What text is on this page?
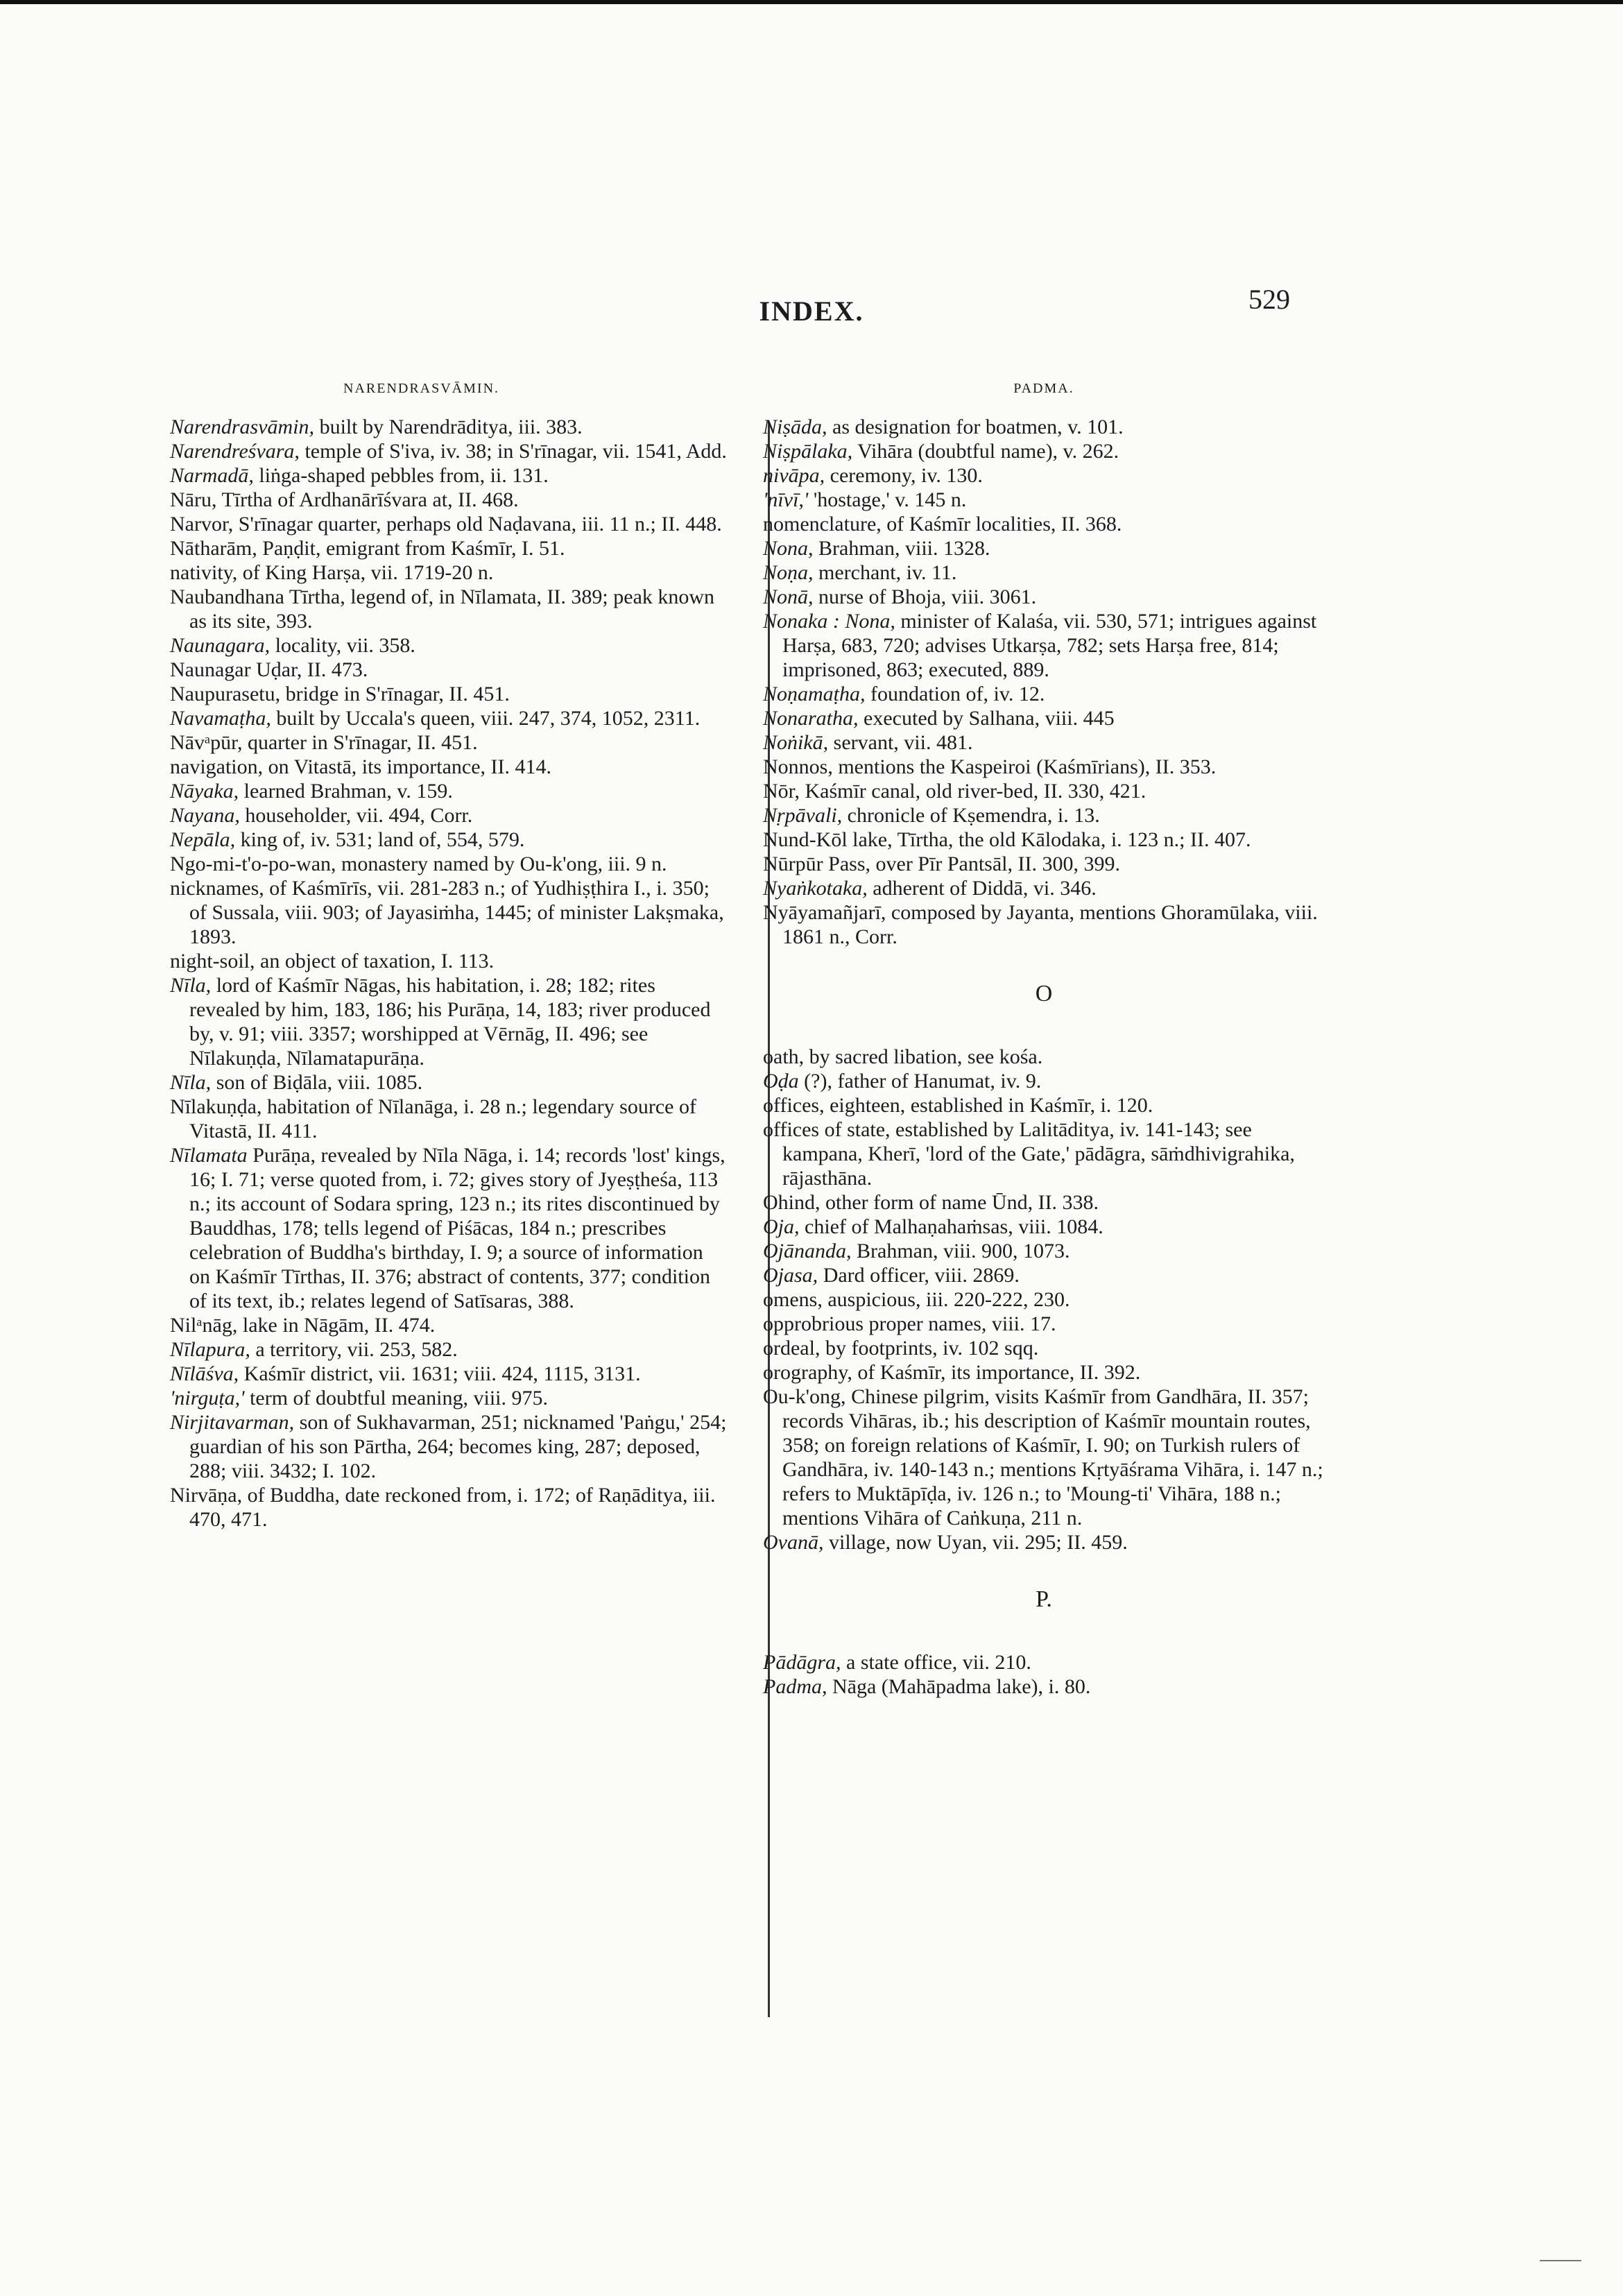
INDEX.	529
NARENDRASVĀMIN.
Narendrasvāmin, built by Narendrāditya, iii. 383.
Narendreśvara, temple of S'iva, iv. 38; in S'rīnagar, vii. 1541, Add.
Narmadā, liṅga-shaped pebbles from, ii. 131.
Nāru, Tīrtha of Ardhanārīśvara at, II. 468.
Narvor, S'rīnagar quarter, perhaps old Naḍavana, iii. 11 n.; II. 448.
Nātharām, Paṇḍit, emigrant from Kaśmīr, I. 51.
nativity, of King Harṣa, vii. 1719-20 n.
Naubandhana Tīrtha, legend of, in Nīlamata, II. 389; peak known as its site, 393.
Naunagara, locality, vii. 358.
Naunagar Uḍar, II. 473.
Naupurasetu, bridge in S'rīnagar, II. 451.
Navamaṭha, built by Uccala's queen, viii. 247, 374, 1052, 2311.
Nāvᵃpūr, quarter in S'rīnagar, II. 451.
navigation, on Vitastā, its importance, II. 414.
Nāyaka, learned Brahman, v. 159.
Nayana, householder, vii. 494, Corr.
Nepāla, king of, iv. 531; land of, 554, 579.
Ngo-mi-t'o-po-wan, monastery named by Ou-k'ong, iii. 9 n.
nicknames, of Kaśmīrīs, vii. 281-283 n.; of Yudhiṣṭhira I., i. 350; of Sussala, viii. 903; of Jayasiṁha, 1445; of minister Lakṣmaka, 1893.
night-soil, an object of taxation, I. 113.
Nīla, lord of Kaśmīr Nāgas, his habitation, i. 28; 182; rites revealed by him, 183, 186; his Purāṇa, 14, 183; river produced by, v. 91; viii. 3357; worshipped at Vērnāg, II. 496; see Nīlakuṇḍa, Nīlamatapurāṇa.
Nīla, son of Biḍāla, viii. 1085.
Nīlakuṇḍa, habitation of Nīlanāga, i. 28 n.; legendary source of Vitastā, II. 411.
Nīlamata Purāṇa, revealed by Nīla Nāga, i. 14; records 'lost' kings, 16; I. 71; verse quoted from, i. 72; gives story of Jyeṣṭheśa, 113 n.; its account of Sodara spring, 123 n.; its rites discontinued by Bauddhas, 178; tells legend of Piśācas, 184 n.; prescribes celebration of Buddha's birthday, I. 9; a source of information on Kaśmīr Tīrthas, II. 376; abstract of contents, 377; condition of its text, ib.; relates legend of Satīsaras, 388.
Nilᵃnāg, lake in Nāgām, II. 474.
Nīlapura, a territory, vii. 253, 582.
Nīlāśva, Kaśmīr district, vii. 1631; viii. 424, 1115, 3131.
'nirguṭa,' term of doubtful meaning, viii. 975.
Nirjitavarman, son of Sukhavarman, 251; nicknamed 'Paṅgu,' 254; guardian of his son Pārtha, 264; becomes king, 287; deposed, 288; viii. 3432; I. 102.
Nirvāṇa, of Buddha, date reckoned from, i. 172; of Raṇāditya, iii. 470, 471.
PADMA.
Niṣāda, as designation for boatmen, v. 101.
Niṣpālaka, Vihāra (doubtful name), v. 262.
nivāpa, ceremony, iv. 130.
'nīvī,' 'hostage,' v. 145 n.
nomenclature, of Kaśmīr localities, II. 368.
Nona, Brahman, viii. 1328.
Noṇa, merchant, iv. 11.
Nonā, nurse of Bhoja, viii. 3061.
Nonaka : Nona, minister of Kalaśa, vii. 530, 571; intrigues against Harṣa, 683, 720; advises Utkarṣa, 782; sets Harṣa free, 814; imprisoned, 863; executed, 889.
Noṇamaṭha, foundation of, iv. 12.
Nonaratha, executed by Salhana, viii. 445
Noṅikā, servant, vii. 481.
Nonnos, mentions the Kaspeiroi (Kaśmīrians), II. 353.
Nōr, Kaśmīr canal, old river-bed, II. 330, 421.
Nṛpāvali, chronicle of Kṣemendra, i. 13.
Nund-Kōl lake, Tīrtha, the old Kālodaka, i. 123 n.; II. 407.
Nūrpūr Pass, over Pīr Pantsāl, II. 300, 399.
Nyaṅkotaka, adherent of Diddā, vi. 346.
Nyāyamañjarī, composed by Jayanta, mentions Ghoramūlaka, viii. 1861 n., Corr.
O
oath, by sacred libation, see kośa.
Oḍa (?), father of Hanumat, iv. 9.
offices, eighteen, established in Kaśmīr, i. 120.
offices of state, established by Lalitāditya, iv. 141-143; see kampana, Kherī, 'lord of the Gate,' pādāgra, sāṁdhivigrahika, rājasthāna.
Ohind, other form of name Ūnd, II. 338.
Oja, chief of Malhaṇahaṁsas, viii. 1084.
Ojānanda, Brahman, viii. 900, 1073.
Ojasa, Dard officer, viii. 2869.
omens, auspicious, iii. 220-222, 230.
opprobrious proper names, viii. 17.
ordeal, by footprints, iv. 102 sqq.
orography, of Kaśmīr, its importance, II. 392.
Ou-k'ong, Chinese pilgrim, visits Kaśmīr from Gandhāra, II. 357; records Vihāras, ib.; his description of Kaśmīr mountain routes, 358; on foreign relations of Kaśmīr, I. 90; on Turkish rulers of Gandhāra, iv. 140-143 n.; mentions Kṛtyāśrama Vihāra, i. 147 n.; refers to Muktāpīḍa, iv. 126 n.; to 'Moung-ti' Vihāra, 188 n.; mentions Vihāra of Caṅkuṇa, 211 n.
Ovanā, village, now Uyan, vii. 295; II. 459.
P.
Pādāgra, a state office, vii. 210.
Padma, Nāga (Mahāpadma lake), i. 80.
